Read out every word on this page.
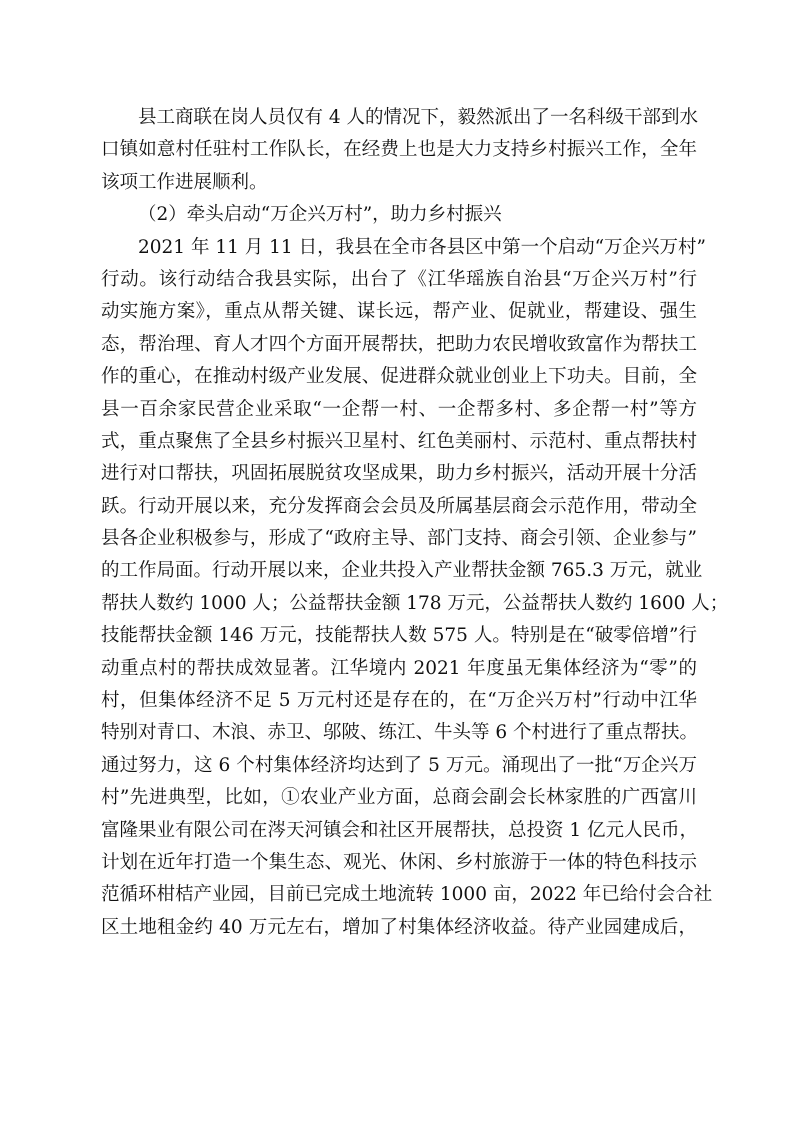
县工商联在岗人员仅有 4 人的情况下，毅然派出了一名科级干部到水
口镇如意村任驻村工作队长，在经费上也是大力支持乡村振兴工作，全年
该项工作进展顺利。
（2）牵头启动“万企兴万村”，助力乡村振兴
2021 年 11 月 11 日，我县在全市各县区中第一个启动“万企兴万村”
行动。该行动结合我县实际，出台了《江华瑶族自治县“万企兴万村”行
动实施方案》，重点从帮关键、谋长远，帮产业、促就业，帮建设、强生
态，帮治理、育人才四个方面开展帮扶，把助力农民增收致富作为帮扶工
作的重心，在推动村级产业发展、促进群众就业创业上下功夫。目前，全
县一百余家民营企业采取“一企帮一村、一企帮多村、多企帮一村”等方
式，重点聚焦了全县乡村振兴卫星村、红色美丽村、示范村、重点帮扶村
进行对口帮扶，巩固拓展脱贫攻坚成果，助力乡村振兴，活动开展十分活
跃。行动开展以来，充分发挥商会会员及所属基层商会示范作用，带动全
县各企业积极参与，形成了“政府主导、部门支持、商会引领、企业参与”
的工作局面。行动开展以来，企业共投入产业帮扶金额 765.3 万元，就业
帮扶人数约 1000 人；公益帮扶金额 178 万元，公益帮扶人数约 1600 人；
技能帮扶金额 146 万元，技能帮扶人数 575 人。特别是在“破零倍增”行
动重点村的帮扶成效显著。江华境内 2021 年度虽无集体经济为“零”的
村，但集体经济不足 5 万元村还是存在的，在“万企兴万村”行动中江华
特别对青口、木浪、赤卫、邬陂、练江、牛头等 6 个村进行了重点帮扶。
通过努力，这 6 个村集体经济均达到了 5 万元。涌现出了一批“万企兴万
村”先进典型，比如，①农业产业方面，总商会副会长林家胜的广西富川
富隆果业有限公司在涔天河镇会和社区开展帮扶，总投资 1 亿元人民币，
计划在近年打造一个集生态、观光、休闲、乡村旅游于一体的特色科技示
范循环柑桔产业园，目前已完成土地流转 1000 亩，2022 年已给付会合社
区土地租金约 40 万元左右，增加了村集体经济收益。待产业园建成后，
